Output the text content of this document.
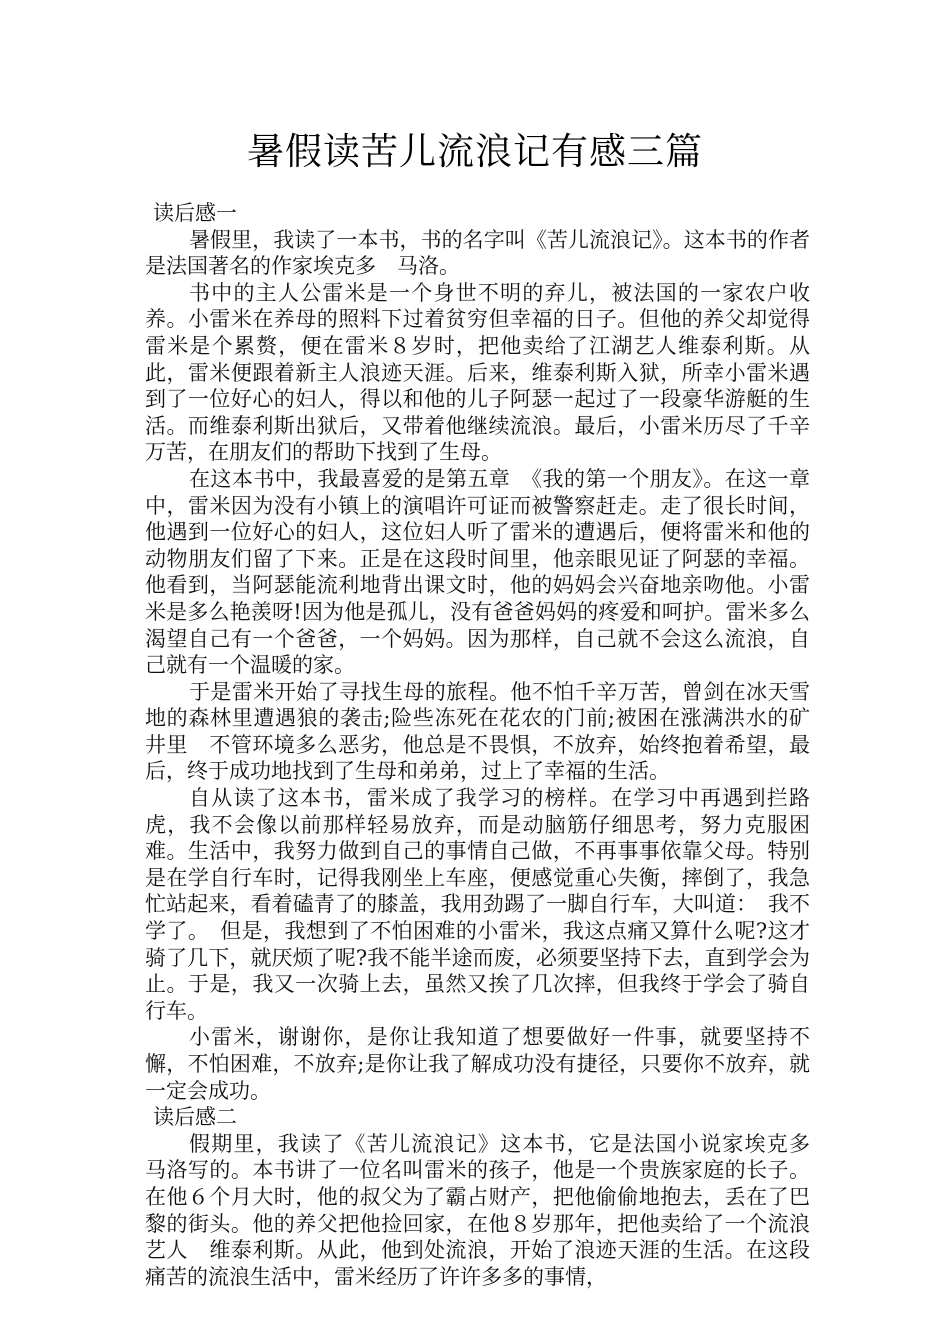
暑假读苦儿流浪记有感三篇

读后感一

暑假里，我读了一本书，书的名字叫《苦儿流浪记》。这本书的作者是法国著名的作家埃克多　马洛。

书中的主人公雷米是一个身世不明的弃儿，被法国的一家农户收养。小雷米在养母的照料下过着贫穷但幸福的日子。但他的养父却觉得雷米是个累赘，便在雷米８岁时，把他卖给了江湖艺人维泰利斯。从此，雷米便跟着新主人浪迹天涯。后来，维泰利斯入狱，所幸小雷米遇到了一位好心的妇人，得以和他的儿子阿瑟一起过了一段豪华游艇的生活。而维泰利斯出狱后，又带着他继续流浪。最后，小雷米历尽了千辛万苦，在朋友们的帮助下找到了生母。

在这本书中，我最喜爱的是第五章　《我的第一个朋友》。在这一章中，雷米因为没有小镇上的演唱许可证而被警察赶走。走了很长时间，他遇到一位好心的妇人，这位妇人听了雷米的遭遇后，便将雷米和他的动物朋友们留了下来。正是在这段时间里，他亲眼见证了阿瑟的幸福。他看到，当阿瑟能流利地背出课文时，他的妈妈会兴奋地亲吻他。小雷米是多么艳羡呀!因为他是孤儿，没有爸爸妈妈的疼爱和呵护。雷米多么渴望自己有一个爸爸，一个妈妈。因为那样，自己就不会这么流浪，自己就有一个温暖的家。

于是雷米开始了寻找生母的旅程。他不怕千辛万苦，曾剑在冰天雪地的森林里遭遇狼的袭击;险些冻死在花农的门前;被困在涨满洪水的矿井里　不管环境多么恶劣，他总是不畏惧，不放弃，始终抱着希望，最后，终于成功地找到了生母和弟弟，过上了幸福的生活。

自从读了这本书，雷米成了我学习的榜样。在学习中再遇到拦路虎，我不会像以前那样轻易放弃，而是动脑筋仔细思考，努力克服困难。生活中，我努力做到自己的事情自己做，不再事事依靠父母。特别是在学自行车时，记得我刚坐上车座，便感觉重心失衡，摔倒了，我急忙站起来，看着磕青了的膝盖，我用劲踢了一脚自行车，大叫道：　我不学了。　但是，我想到了不怕困难的小雷米，我这点痛又算什么呢?这才骑了几下，就厌烦了呢?我不能半途而废，必须要坚持下去，直到学会为止。于是，我又一次骑上去，虽然又挨了几次摔，但我终于学会了骑自行车。

小雷米，谢谢你，是你让我知道了想要做好一件事，就要坚持不懈，不怕困难，不放弃;是你让我了解成功没有捷径，只要你不放弃，就一定会成功。

读后感二

假期里，我读了《苦儿流浪记》这本书，它是法国小说家埃克多　马洛写的。本书讲了一位名叫雷米的孩子，他是一个贵族家庭的长子。在他６个月大时，他的叔父为了霸占财产，把他偷偷地抱去，丢在了巴黎的街头。他的养父把他捡回家，在他８岁那年，把他卖给了一个流浪艺人　维泰利斯。从此，他到处流浪，开始了浪迹天涯的生活。在这段痛苦的流浪生活中，雷米经历了许许多多的事情，
